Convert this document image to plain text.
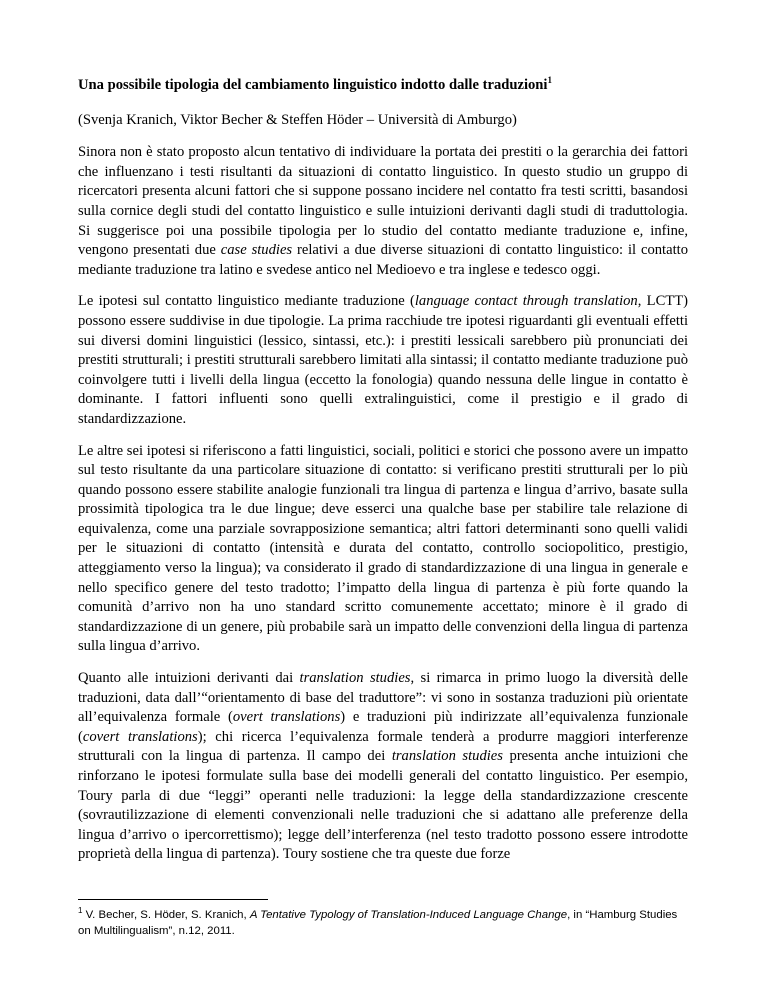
Una possibile tipologia del cambiamento linguistico indotto dalle traduzioni$^1$
(Svenja Kranich, Viktor Becher & Steffen Höder – Università di Amburgo)

Sinora non è stato proposto alcun tentativo di individuare la portata dei prestiti o la gerarchia dei fattori che influenzano i testi risultanti da situazioni di contatto linguistico. In questo studio un gruppo di ricercatori presenta alcuni fattori che si suppone possano incidere nel contatto fra testi scritti, basandosi sulla cornice degli studi del contatto linguistico e sulle intuizioni derivanti dagli studi di traduttologia. Si suggerisce poi una possibile tipologia per lo studio del contatto mediante traduzione e, infine, vengono presentati due case studies relativi a due diverse situazioni di contatto linguistico: il contatto mediante traduzione tra latino e svedese antico nel Medioevo e tra inglese e tedesco oggi.

Le ipotesi sul contatto linguistico mediante traduzione (language contact through translation, LCTT) possono essere suddivise in due tipologie. La prima racchiude tre ipotesi riguardanti gli eventuali effetti sui diversi domini linguistici (lessico, sintassi, etc.): i prestiti lessicali sarebbero più pronunciati dei prestiti strutturali; i prestiti strutturali sarebbero limitati alla sintassi; il contatto mediante traduzione può coinvolgere tutti i livelli della lingua (eccetto la fonologia) quando nessuna delle lingue in contatto è dominante. I fattori influenti sono quelli extralinguistici, come il prestigio e il grado di standardizzazione.

Le altre sei ipotesi si riferiscono a fatti linguistici, sociali, politici e storici che possono avere un impatto sul testo risultante da una particolare situazione di contatto: si verificano prestiti strutturali per lo più quando possono essere stabilite analogie funzionali tra lingua di partenza e lingua d’arrivo, basate sulla prossimità tipologica tra le due lingue; deve esserci una qualche base per stabilire tale relazione di equivalenza, come una parziale sovrapposizione semantica; altri fattori determinanti sono quelli validi per le situazioni di contatto (intensità e durata del contatto, controllo sociopolitico, prestigio, atteggiamento verso la lingua); va considerato il grado di standardizzazione di una lingua in generale e nello specifico genere del testo tradotto; l’impatto della lingua di partenza è più forte quando la comunità d’arrivo non ha uno standard scritto comunemente accettato; minore è il grado di standardizzazione di un genere, più probabile sarà un impatto delle convenzioni della lingua di partenza sulla lingua d’arrivo.

Quanto alle intuizioni derivanti dai translation studies, si rimarca in primo luogo la diversità delle traduzioni, data dall’“orientamento di base del traduttore”: vi sono in sostanza traduzioni più orientate all’equivalenza formale (overt translations) e traduzioni più indirizzate all’equivalenza funzionale (covert translations); chi ricerca l’equivalenza formale tenderà a produrre maggiori interferenze strutturali con la lingua di partenza. Il campo dei translation studies presenta anche intuizioni che rinforzano le ipotesi formulate sulla base dei modelli generali del contatto linguistico. Per esempio, Toury parla di due “leggi” operanti nelle traduzioni: la legge della standardizzazione crescente (sovrautilizzazione di elementi convenzionali nelle traduzioni che si adattano alle preferenze della lingua d’arrivo o ipercorrettismo); legge dell’interferenza (nel testo tradotto possono essere introdotte proprietà della lingua di partenza). Toury sostiene che tra queste due forze

$^1$ V. Becher, S. Höder, S. Kranich, A Tentative Typology of Translation-Induced Language Change, in “Hamburg Studies on Multilingualism”, n.12, 2011.
